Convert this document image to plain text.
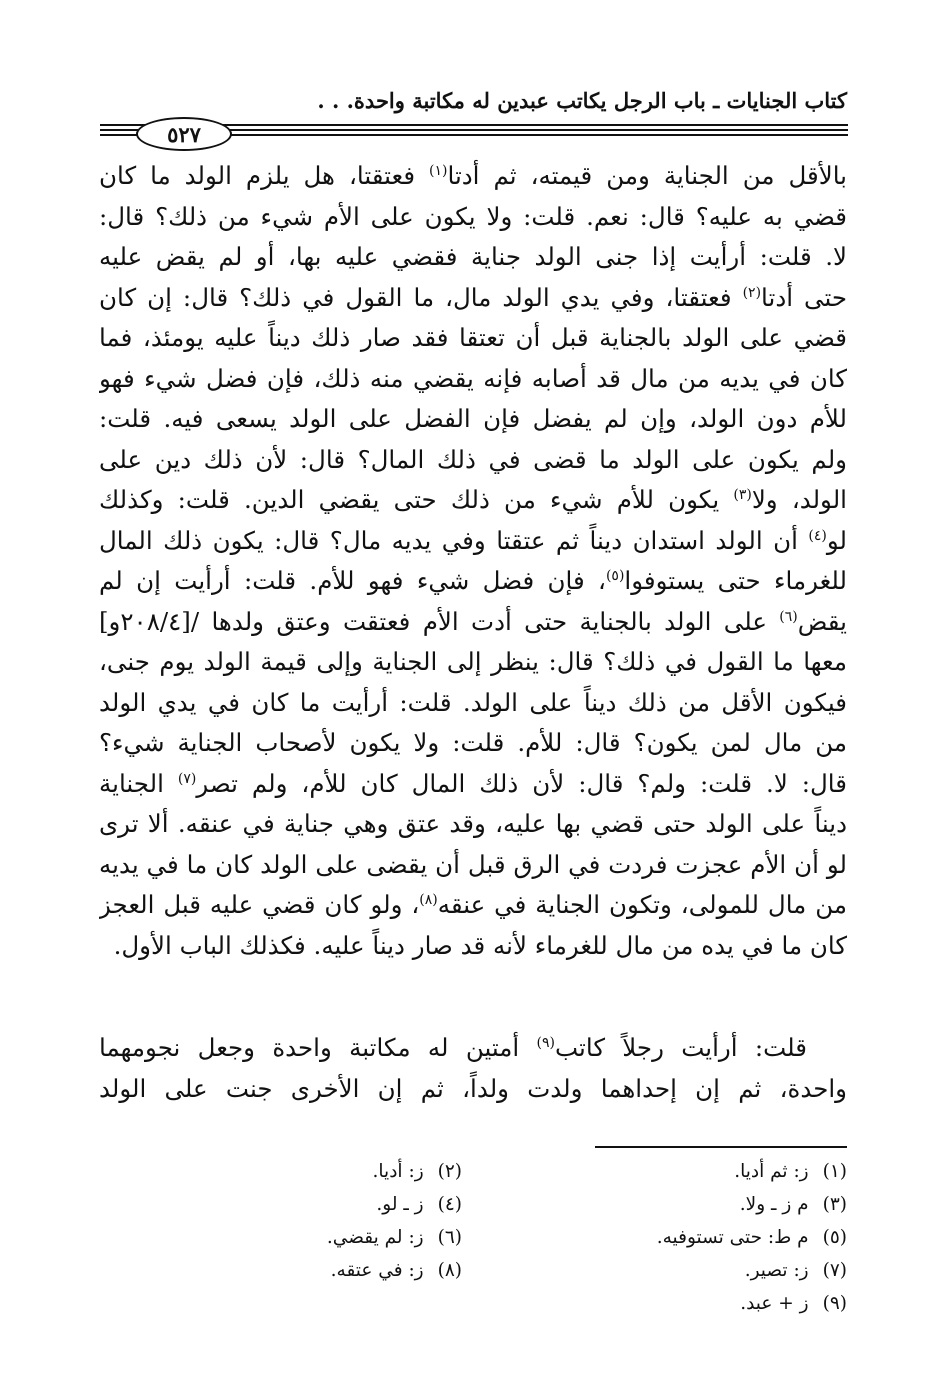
كتاب الجنايات ـ باب الرجل يكاتب عبدين له مكاتبة واحدة. . .
٥٢٧
بالأقل من الجناية ومن قيمته، ثم أدتا$^{(١)}$ فعتقتا، هل يلزم الولد ما كان
قضي به عليه؟ قال: نعم. قلت: ولا يكون على الأم شيء من ذلك؟ قال:
لا. قلت: أرأيت إذا جنى الولد جناية فقضي عليه بها، أو لم يقض عليه
حتى أدتا$^{(٢)}$ فعتقتا، وفي يدي الولد مال، ما القول في ذلك؟ قال: إن كان
قضي على الولد بالجناية قبل أن تعتقا فقد صار ذلك ديناً عليه يومئذ، فما
كان في يديه من مال قد أصابه فإنه يقضي منه ذلك، فإن فضل شيء فهو
للأم دون الولد، وإن لم يفضل فإن الفضل على الولد يسعى فيه. قلت:
ولم يكون على الولد ما قضى في ذلك المال؟ قال: لأن ذلك دين على
الولد، ولا$^{(٣)}$ يكون للأم شيء من ذلك حتى يقضي الدين. قلت: وكذلك
لو$^{(٤)}$ أن الولد استدان ديناً ثم عتقتا وفي يديه مال؟ قال: يكون ذلك المال
للغرماء حتى يستوفوا$^{(٥)}$، فإن فضل شيء فهو للأم. قلت: أرأيت إن لم
يقض$^{(٦)}$ على الولد بالجناية حتى أدت الأم فعتقت وعتق ولدها /[٢٠٨/٤و]
معها ما القول في ذلك؟ قال: ينظر إلى الجناية وإلى قيمة الولد يوم جنى،
فيكون الأقل من ذلك ديناً على الولد. قلت: أرأيت ما كان في يدي الولد
من مال لمن يكون؟ قال: للأم. قلت: ولا يكون لأصحاب الجناية شيء؟
قال: لا. قلت: ولم؟ قال: لأن ذلك المال كان للأم، ولم تصر$^{(٧)}$ الجناية
ديناً على الولد حتى قضي بها عليه، وقد عتق وهي جناية في عنقه. ألا ترى
لو أن الأم عجزت فردت في الرق قبل أن يقضى على الولد كان ما في يديه
من مال للمولى، وتكون الجناية في عنقه$^{(٨)}$، ولو كان قضي عليه قبل العجز
كان ما في يده من مال للغرماء لأنه قد صار ديناً عليه. فكذلك الباب الأول.
قلت: أرأيت رجلاً كاتب$^{(٩)}$ أمتين له مكاتبة واحدة وجعل نجومهما
واحدة، ثم إن إحداهما ولدت ولداً، ثم إن الأخرى جنت على الولد
(١)ز: ثم أديا.
(٢)ز: أديا.
(٣)م ز ـ ولا.
(٤)ز ـ لو.
(٥)م ط: حتى تستوفيه.
(٦)ز: لم يقضي.
(٧)ز: تصير.
(٨)ز: في عتقه.
(٩)ز + عبد.
